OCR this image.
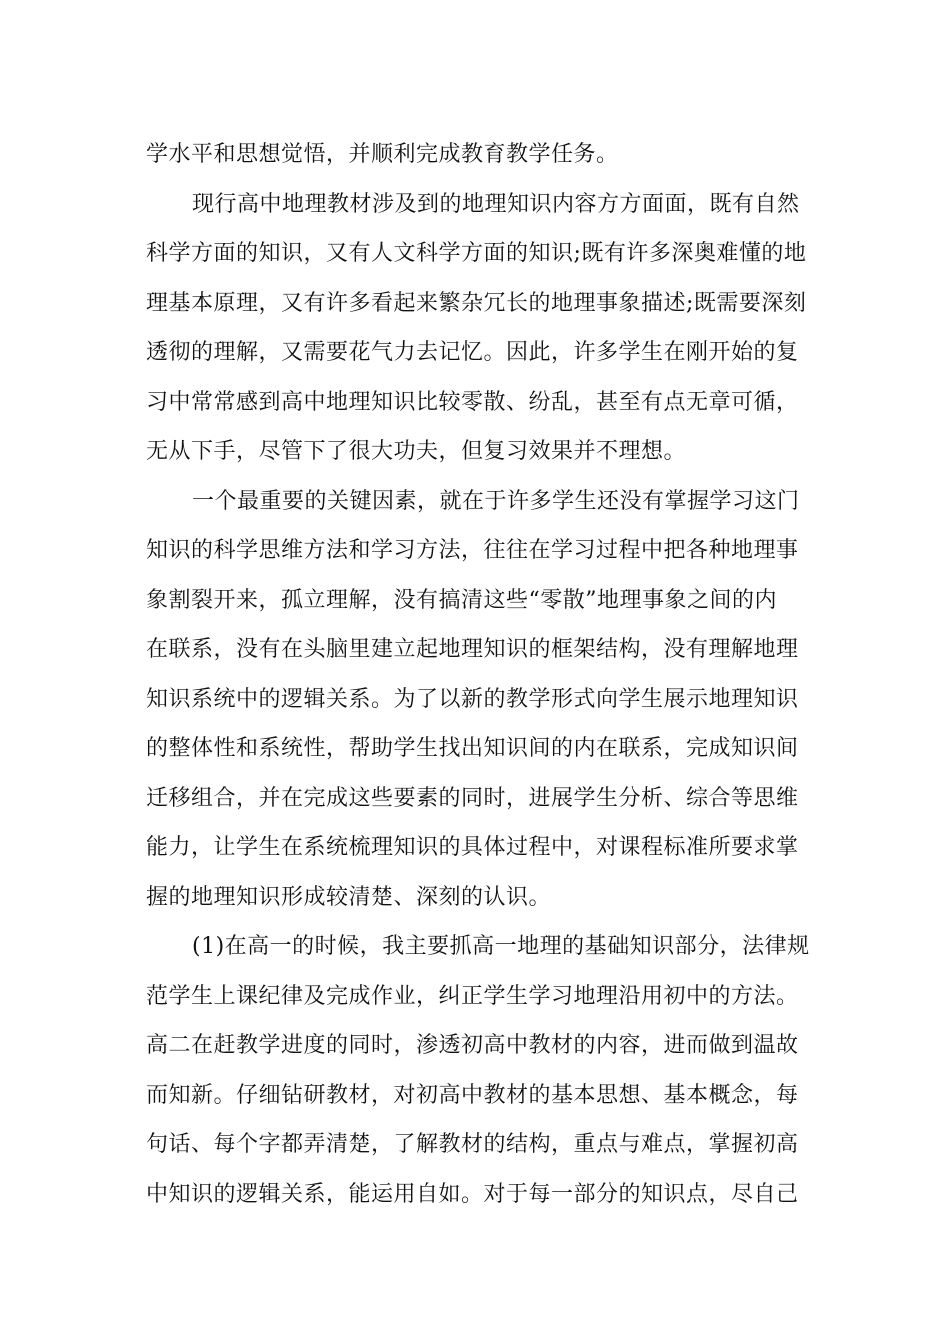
学水平和思想觉悟，并顺利完成教育教学任务。
现行高中地理教材涉及到的地理知识内容方方面面，既有自然
科学方面的知识，又有人文科学方面的知识;既有许多深奥难懂的地
理基本原理，又有许多看起来繁杂冗长的地理事象描述;既需要深刻
透彻的理解，又需要花气力去记忆。因此，许多学生在刚开始的复
习中常常感到高中地理知识比较零散、纷乱，甚至有点无章可循，
无从下手，尽管下了很大功夫，但复习效果并不理想。
一个最重要的关键因素，就在于许多学生还没有掌握学习这门
知识的科学思维方法和学习方法，往往在学习过程中把各种地理事
象割裂开来，孤立理解，没有搞清这些“零散”地理事象之间的内
在联系，没有在头脑里建立起地理知识的框架结构，没有理解地理
知识系统中的逻辑关系。为了以新的教学形式向学生展示地理知识
的整体性和系统性，帮助学生找出知识间的内在联系，完成知识间
迁移组合，并在完成这些要素的同时，进展学生分析、综合等思维
能力，让学生在系统梳理知识的具体过程中，对课程标准所要求掌
握的地理知识形成较清楚、深刻的认识。
(1)在高一的时候，我主要抓高一地理的基础知识部分，法律规
范学生上课纪律及完成作业，纠正学生学习地理沿用初中的方法。
高二在赶教学进度的同时，渗透初高中教材的内容，进而做到温故
而知新。仔细钻研教材，对初高中教材的基本思想、基本概念，每
句话、每个字都弄清楚，了解教材的结构，重点与难点，掌握初高
中知识的逻辑关系，能运用自如。对于每一部分的知识点，尽自己
